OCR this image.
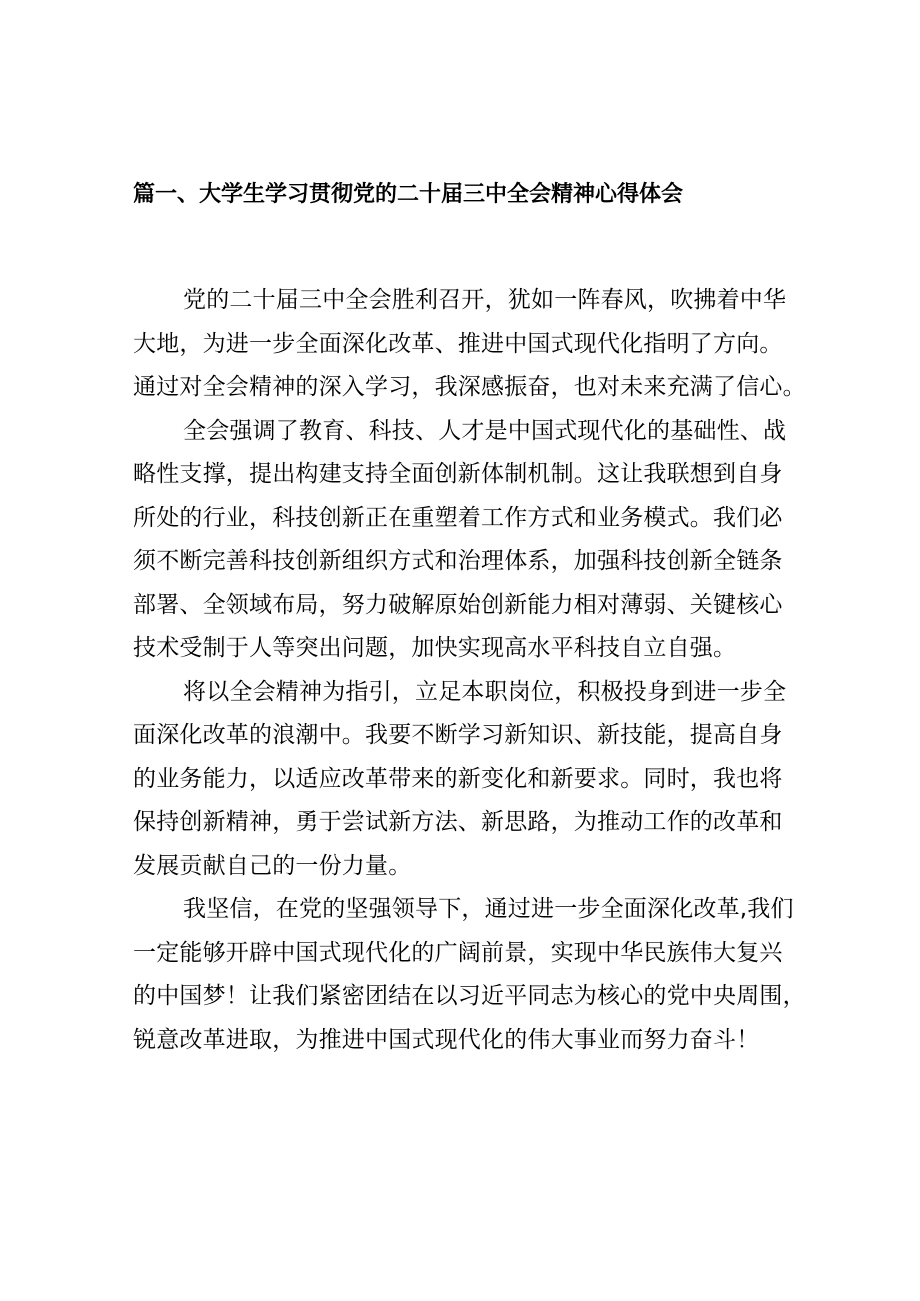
篇一、大学生学习贯彻党的二十届三中全会精神心得体会

党的二十届三中全会胜利召开，犹如一阵春风，吹拂着中华

大地，为进一步全面深化改革、推进中国式现代化指明了方向。

通过对全会精神的深入学习，我深感振奋，也对未来充满了信心。

全会强调了教育、科技、人才是中国式现代化的基础性、战

略性支撑，提出构建支持全面创新体制机制。这让我联想到自身

所处的行业，科技创新正在重塑着工作方式和业务模式。我们必

须不断完善科技创新组织方式和治理体系，加强科技创新全链条

部署、全领域布局，努力破解原始创新能力相对薄弱、关键核心

技术受制于人等突出问题，加快实现高水平科技自立自强。

将以全会精神为指引，立足本职岗位，积极投身到进一步全

面深化改革的浪潮中。我要不断学习新知识、新技能，提高自身

的业务能力，以适应改革带来的新变化和新要求。同时，我也将

保持创新精神，勇于尝试新方法、新思路，为推动工作的改革和

发展贡献自己的一份力量。

我坚信，在党的坚强领导下，通过进一步全面深化改革,我们

一定能够开辟中国式现代化的广阔前景，实现中华民族伟大复兴

的中国梦！让我们紧密团结在以习近平同志为核心的党中央周围，

锐意改革进取，为推进中国式现代化的伟大事业而努力奋斗！
